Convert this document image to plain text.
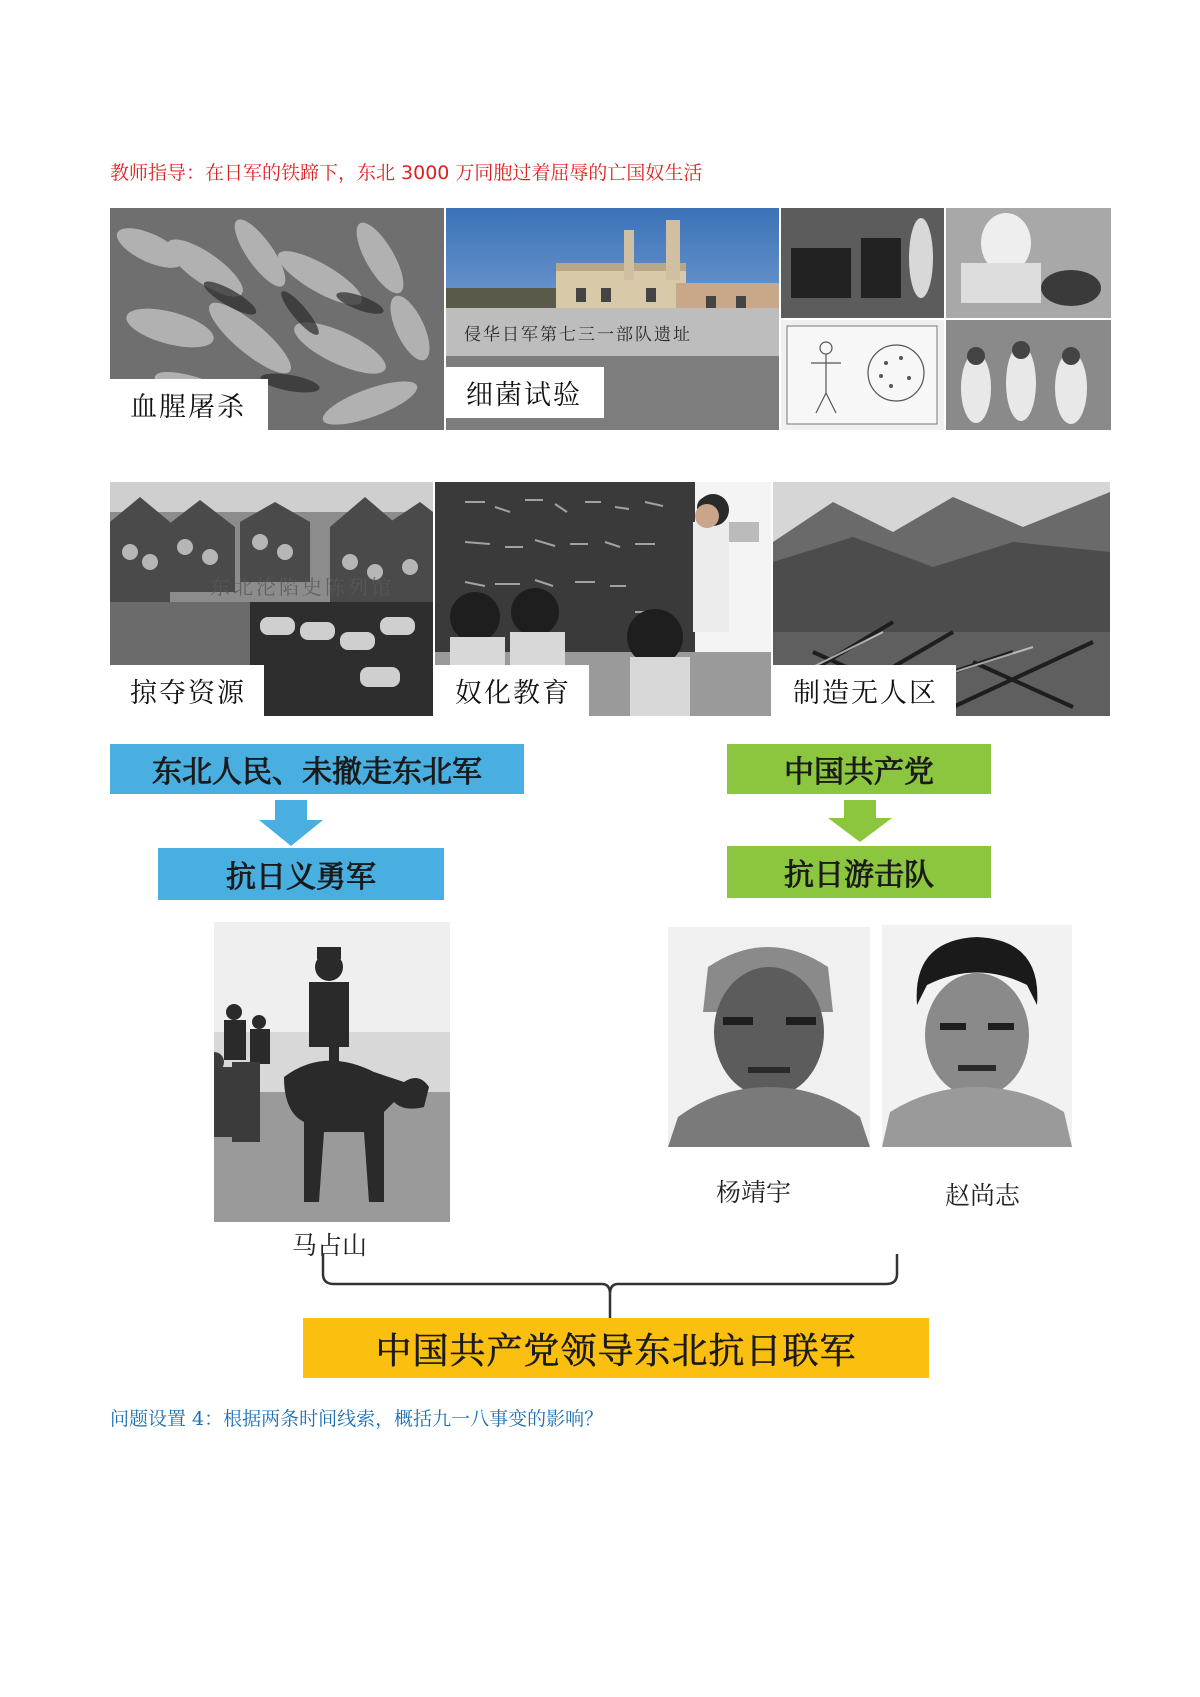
教师指导：在日军的铁蹄下，东北 3000 万同胞过着屈辱的亡国奴生活
血腥屠杀
侵华日军第七三一部队遗址
细菌试验
东北沦陷史陈列馆
掠夺资源	奴化教育	制造无人区
东北人民、未撤走东北军
抗日义勇军
中国共产党
抗日游击队
马占山
杨靖宇	赵尚志
中国共产党领导东北抗日联军
问题设置 4：根据两条时间线索，概括九一八事变的影响？
